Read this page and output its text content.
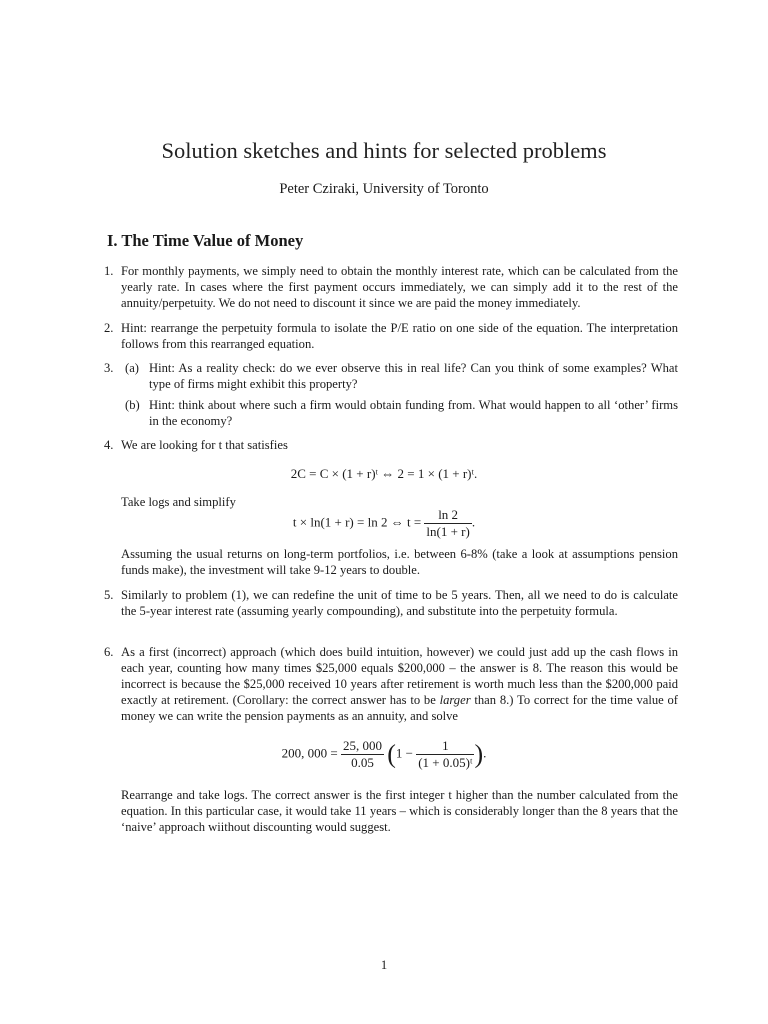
Solution sketches and hints for selected problems
Peter Cziraki, University of Toronto
I. The Time Value of Money
1. For monthly payments, we simply need to obtain the monthly interest rate, which can be calculated from the yearly rate. In cases where the first payment occurs immediately, we can simply add it to the rest of the annuity/perpetuity. We do not need to discount it since we are paid the money immediately.
2. Hint: rearrange the perpetuity formula to isolate the P/E ratio on one side of the equation. The interpretation follows from this rearranged equation.
3. (a) Hint: As a reality check: do we ever observe this in real life? Can you think of some examples? What type of firms might exhibit this property?
(b) Hint: think about where such a firm would obtain funding from. What would happen to all ‘other’ firms in the economy?
4. We are looking for t that satisfies
2C = C × (1 + r)ᵗ ⇔ 2 = 1 × (1 + r)ᵗ.
Take logs and simplify
t × ln(1 + r) = ln 2 ⇔ $t = \frac{\ln 2}{\ln(1 + r)}$ .
Assuming the usual returns on long-term portfolios, i.e. between 6-8% (take a look at assumptions pension funds make), the investment will take 9-12 years to double.
5. Similarly to problem (1), we can redefine the unit of time to be 5 years. Then, all we need to do is calculate the 5-year interest rate (assuming yearly compounding), and substitute into the perpetuity formula.
6. As a first (incorrect) approach (which does build intuition, however) we could just add up the cash flows in each year, counting how many times $25,000 equals $200,000 – the answer is 8. The reason this would be incorrect is because the $25,000 received 10 years after retirement is worth much less than the $200,000 paid exactly at retirement. (Corollary: the correct answer has to be larger than 8.) To correct for the time value of money we can write the pension payments as an annuity, and solve
200, $000 = \frac{25, 000}{0.05} (1 - \frac{1}{\text{(1 + 0.05)ᵗ}}$ ).
Rearrange and take logs. The correct answer is the first integer t higher than the number calculated from the equation. In this particular case, it would take 11 years – which is considerably longer than the 8 years that the ‘naive’ approach wiithout discounting would suggest.
1
